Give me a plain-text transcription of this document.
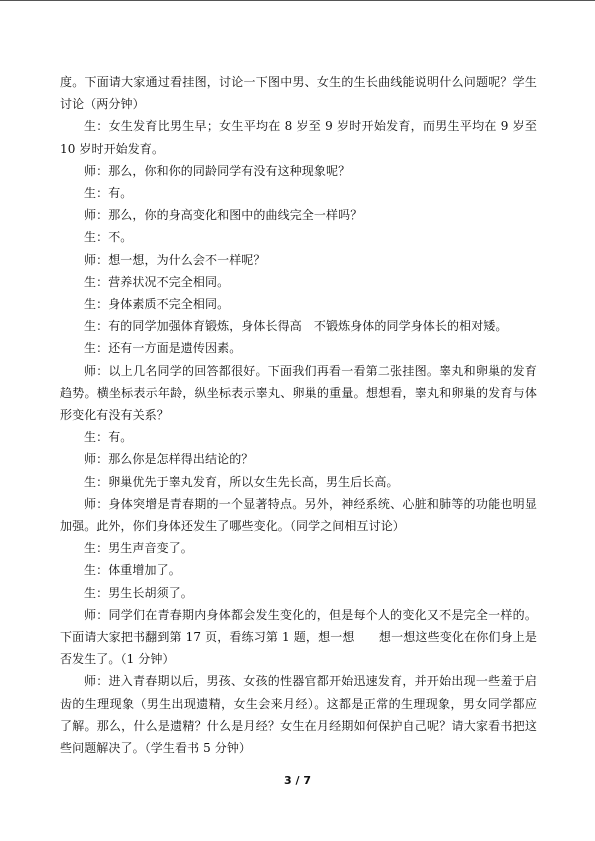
度。下面请大家通过看挂图，讨论一下图中男、女生的生长曲线能说明什么问题呢？学生讨论（两分钟）

生：女生发育比男生早；女生平均在 8 岁至 9 岁时开始发育，而男生平均在 9 岁至 10 岁时开始发育。

师：那么，你和你的同龄同学有没有这种现象呢？

生：有。

师：那么，你的身高变化和图中的曲线完全一样吗？

生：不。

师：想一想，为什么会不一样呢？

生：营养状况不完全相同。

生：身体素质不完全相同。

生：有的同学加强体育锻炼，身体长得高　不锻炼身体的同学身体长的相对矮。

生：还有一方面是遗传因素。

师：以上几名同学的回答都很好。下面我们再看一看第二张挂图。睾丸和卵巢的发育趋势。横坐标表示年龄，纵坐标表示睾丸、卵巢的重量。想想看，睾丸和卵巢的发育与体形变化有没有关系？

生：有。

师：那么你是怎样得出结论的？

生：卵巢优先于睾丸发育，所以女生先长高，男生后长高。

师：身体突增是青春期的一个显著特点。另外，神经系统、心脏和肺等的功能也明显加强。此外，你们身体还发生了哪些变化。（同学之间相互讨论）

生：男生声音变了。

生：体重增加了。

生：男生长胡须了。

师：同学们在青春期内身体都会发生变化的，但是每个人的变化又不是完全一样的。下面请大家把书翻到第 17 页，看练习第 1 题，想一想　　想一想这些变化在你们身上是否发生了。（1 分钟）

师：进入青春期以后，男孩、女孩的性器官都开始迅速发育，并开始出现一些羞于启齿的生理现象（男生出现遗精，女生会来月经）。这都是正常的生理现象，男女同学都应了解。那么，什么是遗精？什么是月经？女生在月经期如何保护自己呢？请大家看书把这些问题解决了。（学生看书 5 分钟）

3 / 7
